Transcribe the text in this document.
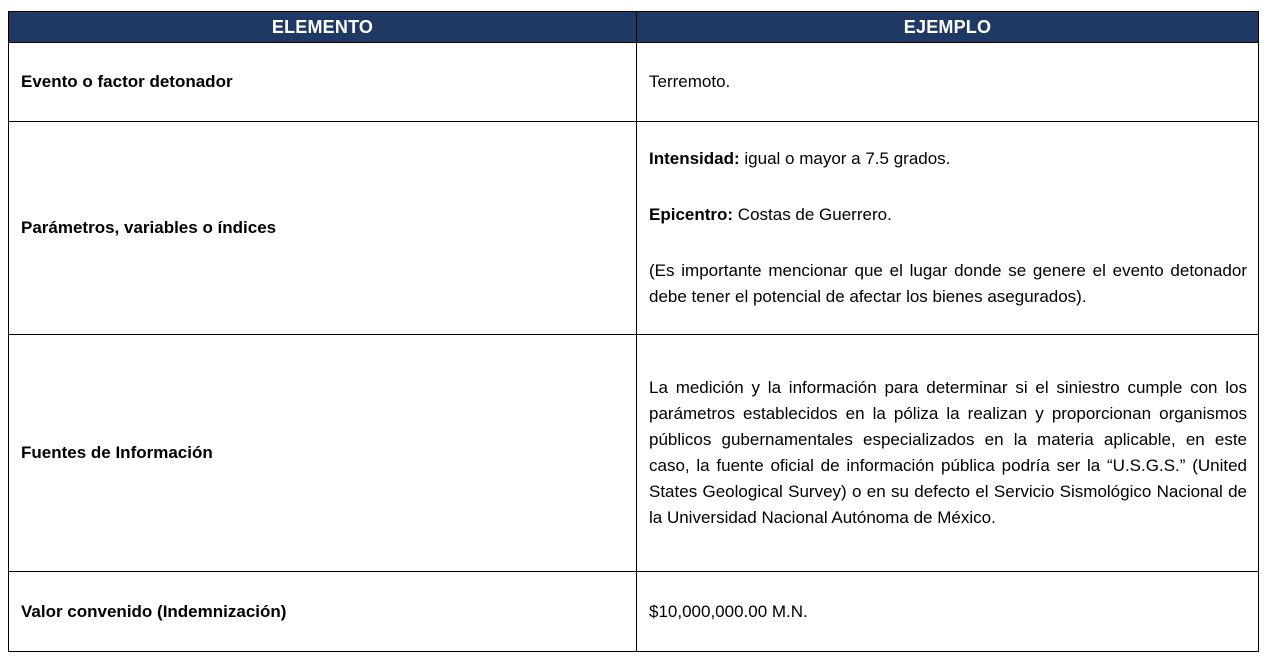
ELEMENTO	EJEMPLO
Evento o factor detonador	Terremoto.
Parámetros, variables o índices	Intensidad: igual o mayor a 7.5 grados.

Epicentro: Costas de Guerrero.

(Es importante mencionar que el lugar donde se genere el evento detonador debe tener el potencial de afectar los bienes asegurados).

Fuentes de Información	La medición y la información para determinar si el siniestro cumple con los parámetros establecidos en la póliza la realizan y proporcionan organismos públicos gubernamentales especializados en la materia aplicable, en este caso, la fuente oficial de información pública podría ser la “U.S.G.S.” (United States Geological Survey) o en su defecto el Servicio Sismológico Nacional de la Universidad Nacional Autónoma de México.
Valor convenido (Indemnización)	$10,000,000.00 M.N.
